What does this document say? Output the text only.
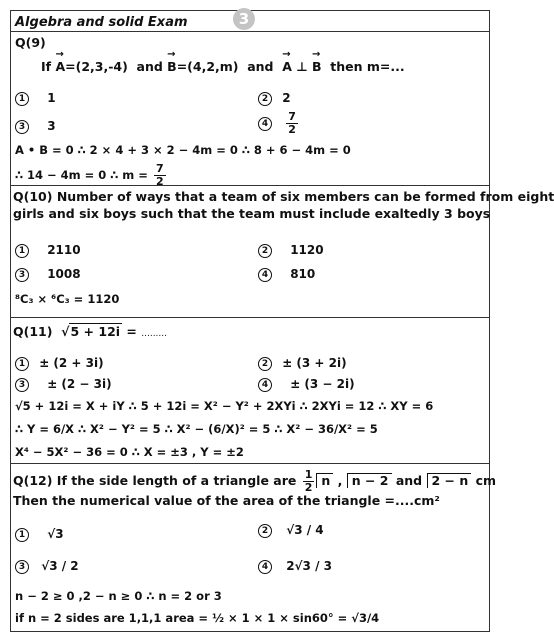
Algebra and solid Exam	3
Q(9)
If → A=(2,3,-4)  and → B=(4,2,m)  and  → A ⊥ → B  then m=...
1 1	2 2
3 3	$4 \frac{7}{2}$
A • B = 0 ∴ 2 × 4 + 3 × 2 − 4m = 0 ∴ 8 + 6 − 4m = 0
∴ 14 − 4m = 0 ∴ $m = \frac{7}{2}$
Q(10) Number of ways that a team of six members can be formed from eight
girls and six boys such that the team must include exaltedly 3 boys
1 2110	2 1120
3 1008	4 810
⁸C₃ × ⁶C₃ = 1120
Q(11)  √5 + 12i = .........
1 ± (2 + 3i)	2 ± (3 + 2i)
3 ± (2 − 3i)	4 ± (3 − 2i)
√5 + 12i = X + iY ∴ 5 + 12i = X² − Y² + 2XYi ∴ 2XYi = 12 ∴ XY = 6
∴ Y = 6/X ∴ X² − Y² = 5 ∴ X² − (6/X)² = 5 ∴ X² − 36/X² = 5
X⁴ − 5X² − 36 = 0 ∴ X = ±3 , Y = ±2
Q(12) If the side length of a triangle are $\frac{1}{2}$ n , n − 2 and 2 − n cm
Then the numerical value of the area of the triangle =....cm²
1 √3	2 √3 / 4
3 √3 / 2	4 2√3 / 3
n − 2 ≥ 0 ,2 − n ≥ 0 ∴ n = 2 or 3
if n = 2 sides are 1,1,1 area = ½ × 1 × 1 × sin60° = √3/4
